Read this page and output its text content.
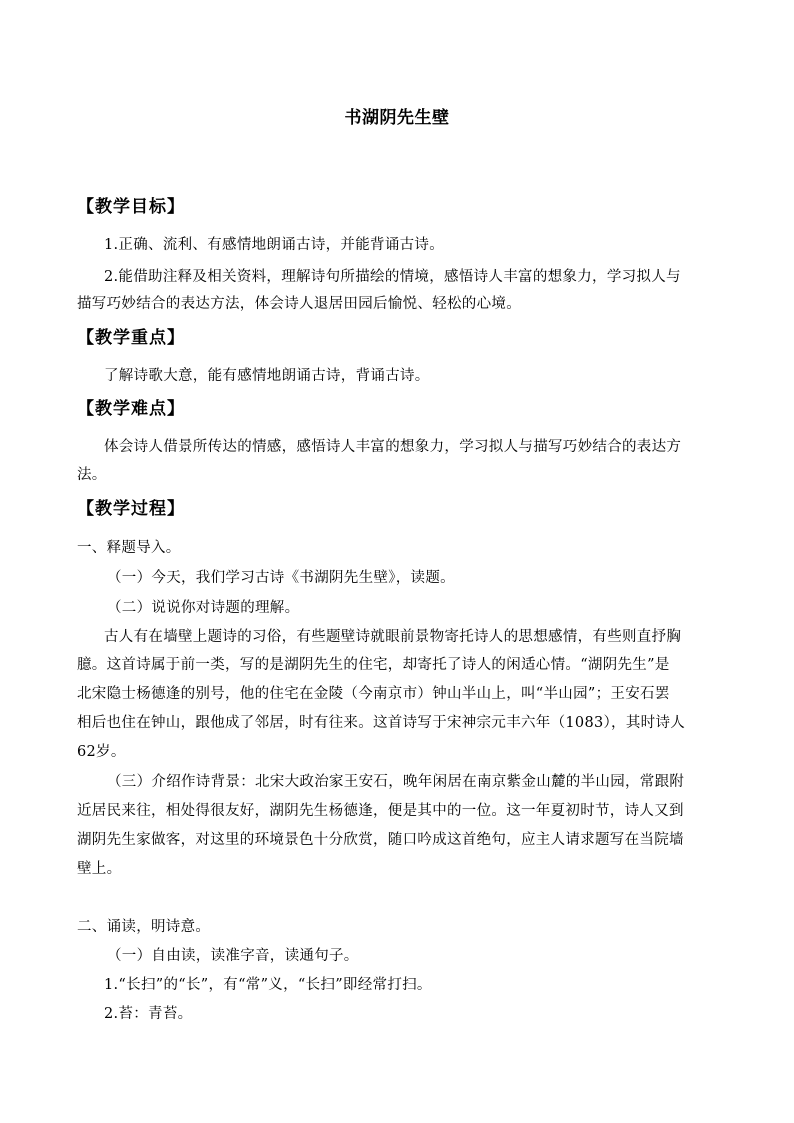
书湖阴先生壁
【教学目标】
1.正确、流利、有感情地朗诵古诗，并能背诵古诗。
2.能借助注释及相关资料，理解诗句所描绘的情境，感悟诗人丰富的想象力，学习拟人与
描写巧妙结合的表达方法，体会诗人退居田园后愉悦、轻松的心境。
【教学重点】
了解诗歌大意，能有感情地朗诵古诗，背诵古诗。
【教学难点】
体会诗人借景所传达的情感，感悟诗人丰富的想象力，学习拟人与描写巧妙结合的表达方
法。
【教学过程】
一、释题导入。
（一）今天，我们学习古诗《书湖阴先生壁》，读题。
（二）说说你对诗题的理解。
古人有在墙壁上题诗的习俗，有些题壁诗就眼前景物寄托诗人的思想感情，有些则直抒胸
臆。这首诗属于前一类，写的是湖阴先生的住宅，却寄托了诗人的闲适心情。“湖阴先生”是
北宋隐士杨德逢的别号，他的住宅在金陵（今南京市）钟山半山上，叫“半山园”；王安石罢
相后也住在钟山，跟他成了邻居，时有往来。这首诗写于宋神宗元丰六年（1083），其时诗人
62岁。
（三）介绍作诗背景：北宋大政治家王安石，晚年闲居在南京紫金山麓的半山园，常跟附
近居民来往，相处得很友好，湖阴先生杨德逢，便是其中的一位。这一年夏初时节，诗人又到
湖阴先生家做客，对这里的环境景色十分欣赏，随口吟成这首绝句，应主人请求题写在当院墙
壁上。
二、诵读，明诗意。
（一）自由读，读准字音，读通句子。
1.“长扫”的“长”，有“常”义，“长扫”即经常打扫。
2.苔：青苔。
